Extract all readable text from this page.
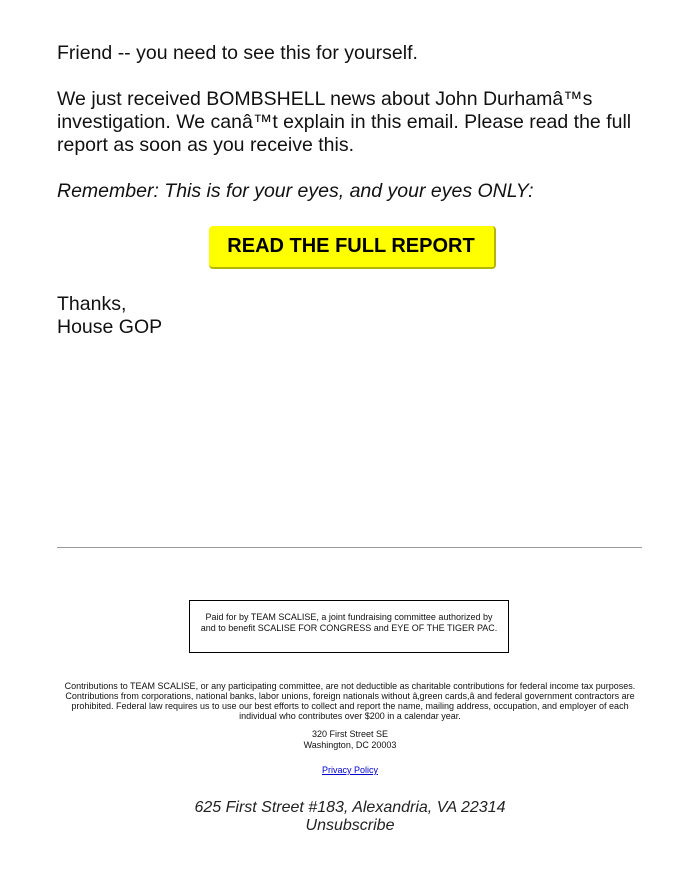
Friend -- you need to see this for yourself.

We just received BOMBSHELL news about John Durhamâ™s investigation. We canâ™t explain in this email. Please read the full report as soon as you receive this.

Remember: This is for your eyes, and your eyes ONLY:

READ THE FULL REPORT

Thanks,

House GOP

Paid for by TEAM SCALISE, a joint fundraising committee authorized by and to benefit SCALISE FOR CONGRESS and EYE OF THE TIGER PAC.
Contributions to TEAM SCALISE, or any participating committee, are not deductible as charitable contributions for federal income tax purposes. Contributions from corporations, national banks, labor unions, foreign nationals without â‚green cards,â and federal government contractors are prohibited. Federal law requires us to use our best efforts to collect and report the name, mailing address, occupation, and employer of each individual who contributes over $200 in a calendar year.
320 First Street SE
Washington, DC 20003
Privacy Policy
625 First Street #183, Alexandria, VA 22314
Unsubscribe
